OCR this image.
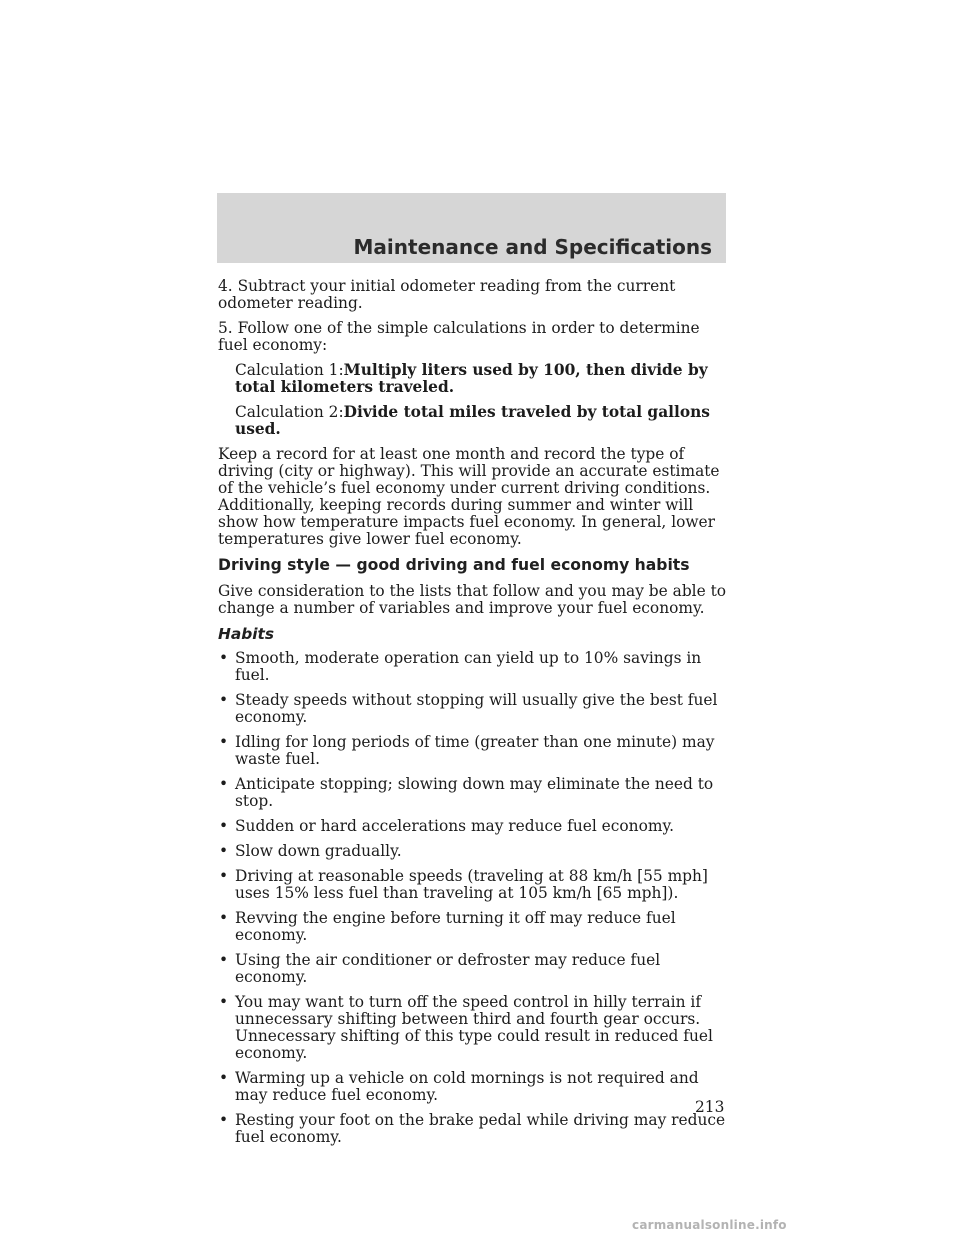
Maintenance and Specifications

4. Subtract your initial odometer reading from the current odometer reading.

5. Follow one of the simple calculations in order to determine fuel economy:

Calculation 1:Multiply liters used by 100, then divide by total kilometers traveled.
Calculation 2:Divide total miles traveled by total gallons used.

Keep a record for at least one month and record the type of driving (city or highway). This will provide an accurate estimate of the vehicle’s fuel economy under current driving conditions. Additionally, keeping records during summer and winter will show how temperature impacts fuel economy. In general, lower temperatures give lower fuel economy.

Driving style — good driving and fuel economy habits

Give consideration to the lists that follow and you may be able to change a number of variables and improve your fuel economy.

Habits
• Smooth, moderate operation can yield up to 10% savings in fuel.
• Steady speeds without stopping will usually give the best fuel economy.
• Idling for long periods of time (greater than one minute) may waste fuel.
• Anticipate stopping; slowing down may eliminate the need to stop.
• Sudden or hard accelerations may reduce fuel economy.
• Slow down gradually.
• Driving at reasonable speeds (traveling at 88 km/h [55 mph] uses 15% less fuel than traveling at 105 km/h [65 mph]).
• Revving the engine before turning it off may reduce fuel economy.
• Using the air conditioner or defroster may reduce fuel economy.
• You may want to turn off the speed control in hilly terrain if unnecessary shifting between third and fourth gear occurs. Unnecessary shifting of this type could result in reduced fuel economy.
• Warming up a vehicle on cold mornings is not required and may reduce fuel economy.
• Resting your foot on the brake pedal while driving may reduce fuel economy.
213
carmanualsonline.info
